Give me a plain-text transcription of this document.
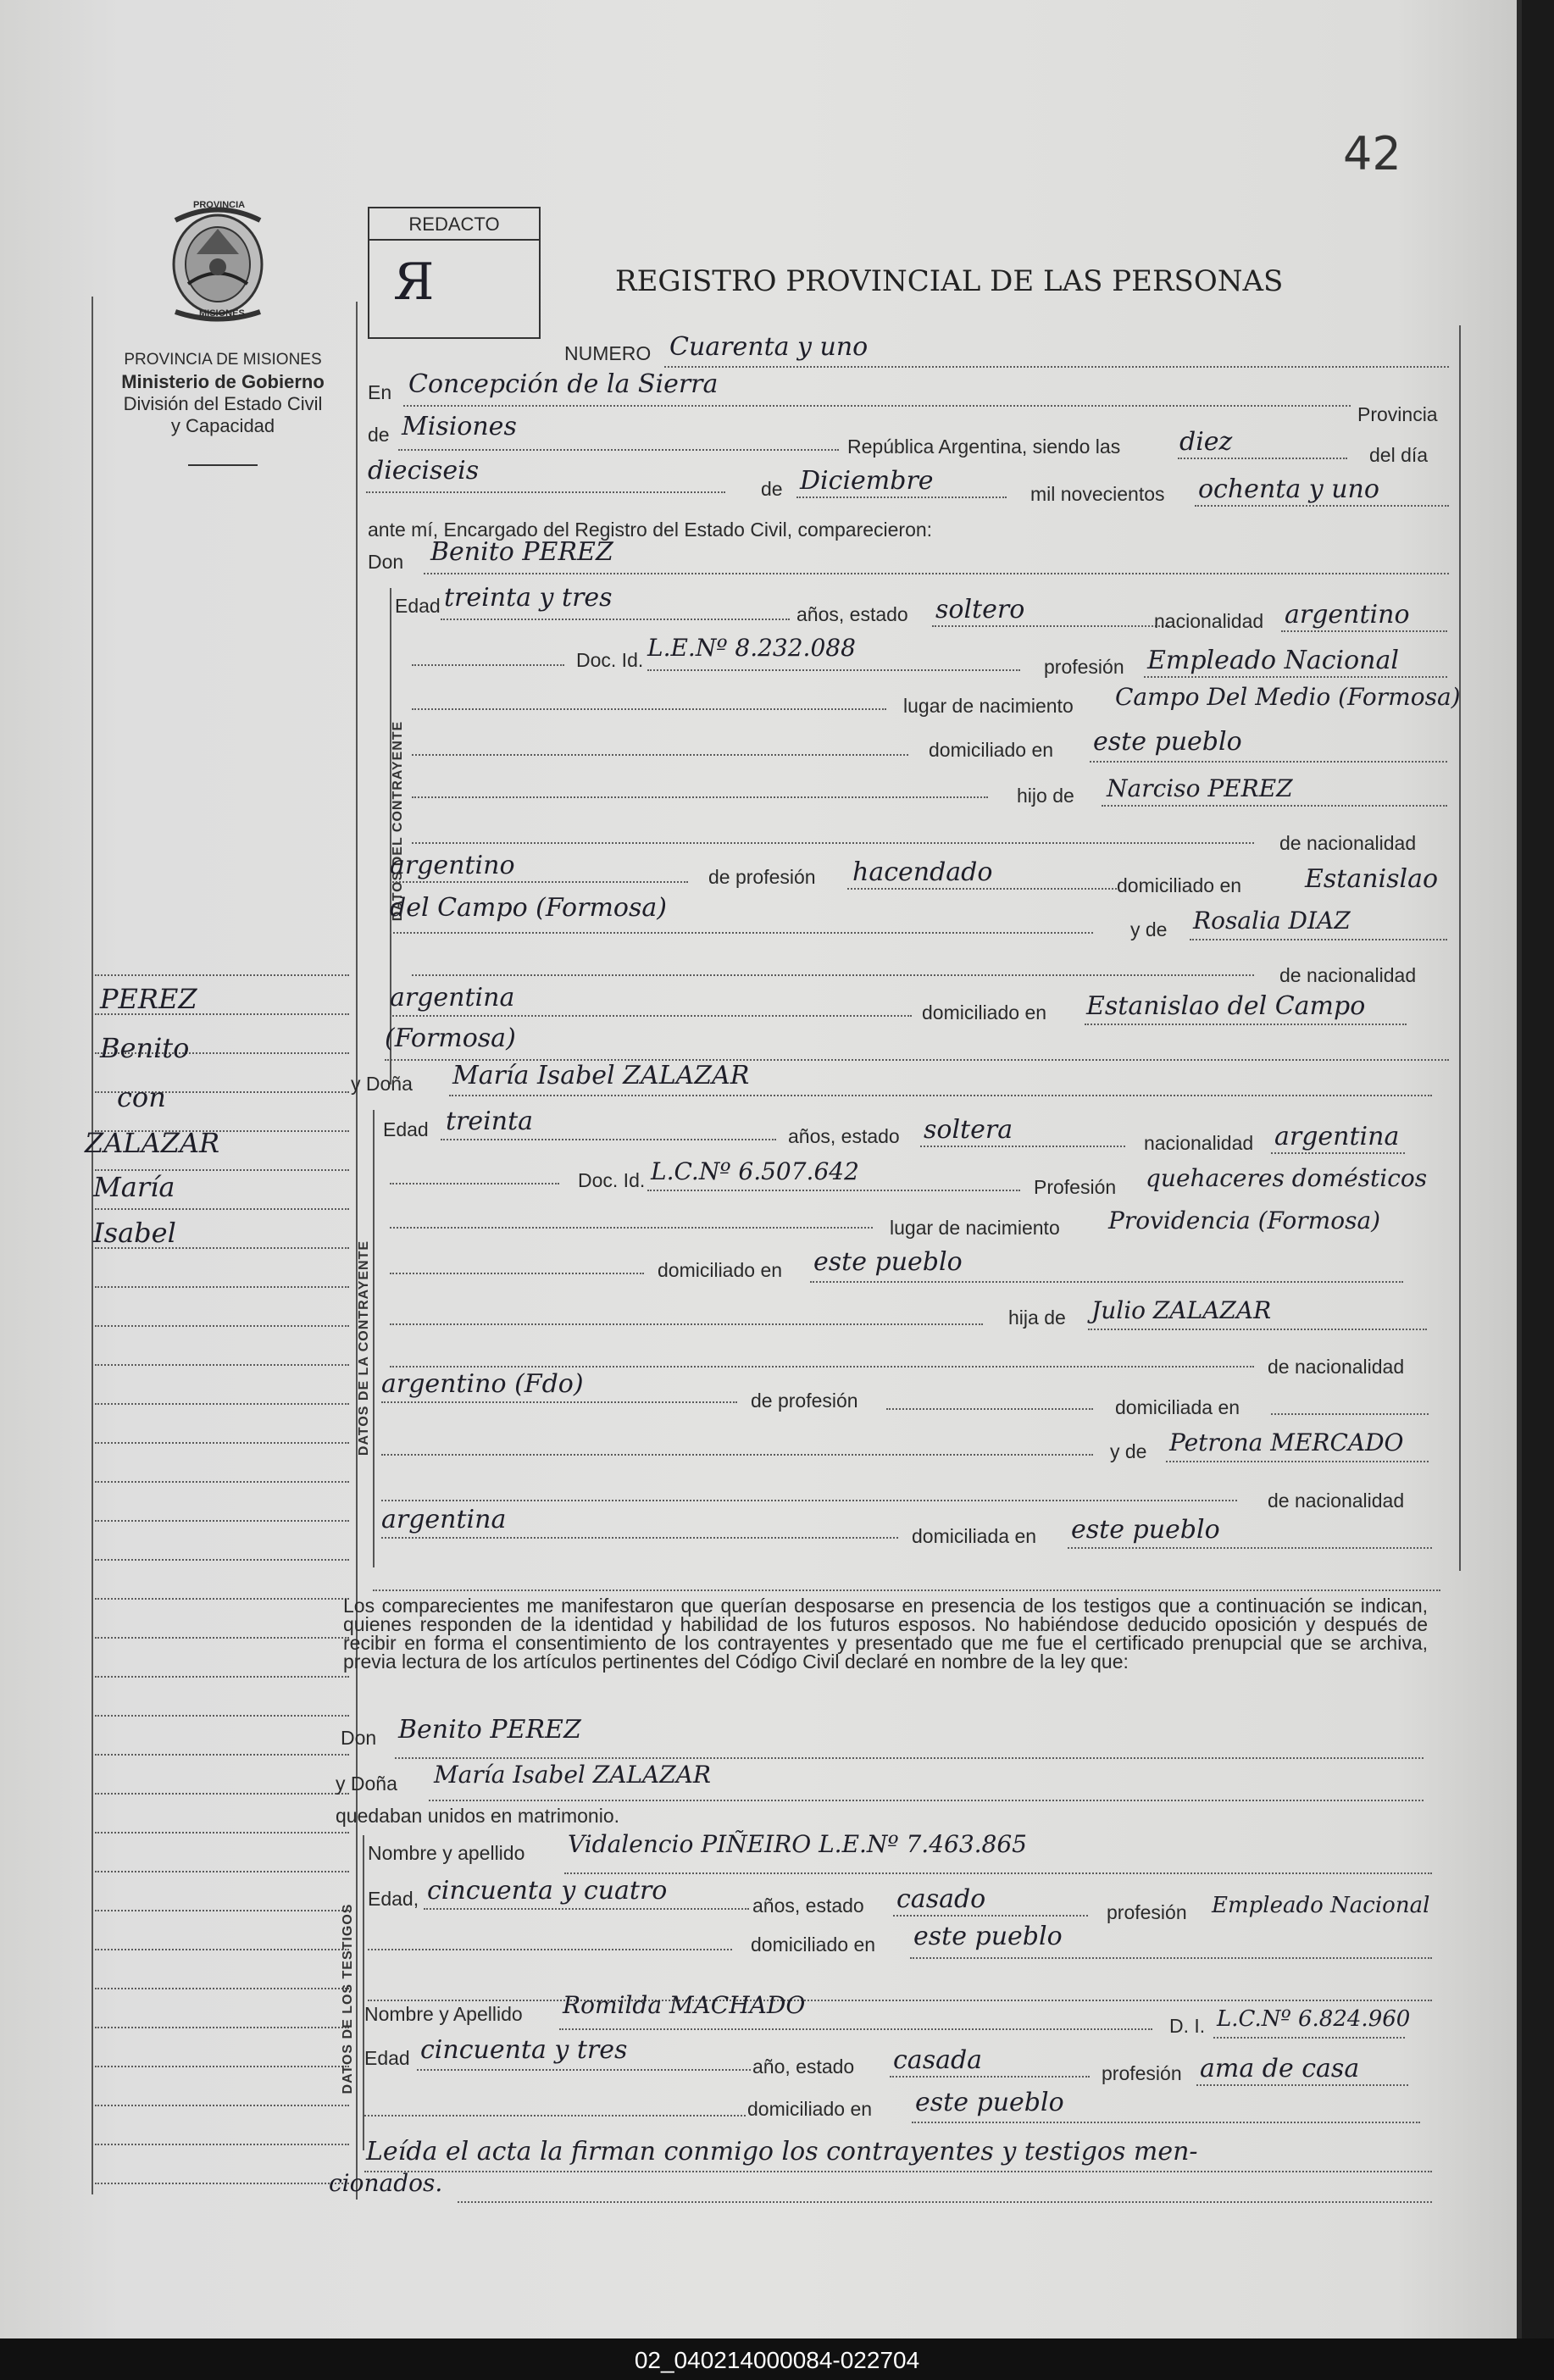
42
PROVINCIA
MISIONES
PROVINCIA DE MISIONES
Ministerio de Gobierno
División del Estado Civil
y Capacidad
REDACTO
Я	REGISTRO PROVINCIAL DE LAS PERSONAS
PEREZ
Benito
con
ZALAZAR
María
Isabel
NUMERO Cuarenta y uno
En Concepción de la Sierra
Provincia
de Misiones
República Argentina, siendo las diez	del día
dieciseis
de Diciembre	mil novecientos ochenta y uno
ante mí, Encargado del Registro del Estado Civil, comparecieron:
Don Benito PEREZ
DATOS DEL CONTRAYENTE
Edad treinta y tres
años, estado soltero	nacionalidad argentino
Doc. Id. L.E.Nº 8.232.088
profesión Empleado Nacional
lugar de nacimiento Campo Del Medio (Formosa)
domiciliado en este pueblo
hijo de Narciso PEREZ
de nacionalidad
argentino	de profesión hacendado	domiciliado en Estanislao
del Campo (Formosa)
y de Rosalia DIAZ
de nacionalidad
argentina	domiciliado en Estanislao del Campo
(Formosa)
y Doña María Isabel ZALAZAR
DATOS DE LA CONTRAYENTE
Edad treinta	años, estado soltera	nacionalidad argentina
Doc. Id. L.C.Nº 6.507.642
Profesión quehaceres domésticos
lugar de nacimiento Providencia (Formosa)
domiciliado en este pueblo
hija de Julio ZALAZAR
de nacionalidad
argentino (Fdo)
de profesión	domiciliada en
y de Petrona MERCADO
de nacionalidad
argentina
domiciliada en este pueblo
Los comparecientes me manifestaron que querían desposarse en presencia de los testigos que a continuación se indican, quienes responden de la identidad y habilidad de los futuros esposos. No habiéndose deducido oposición y después de recibir en forma el consentimiento de los contrayentes y presentado que me fue el certificado prenupcial que se archiva, previa lectura de los artículos pertinentes del Código Civil declaré en nombre de la ley que:
Don Benito PEREZ
y Doña María Isabel ZALAZAR
quedaban unidos en matrimonio.
DATOS DE LOS TESTIGOS
Nombre y apellido Vidalencio PIÑEIRO L.E.Nº 7.463.865
Edad, cincuenta y cuatro	años, estado casado	profesión Empleado Nacional
domiciliado en este pueblo
Nombre y Apellido Romilda MACHADO
D. I. L.C.Nº 6.824.960
Edad cincuenta y tres
año, estado casada	profesión ama de casa
domiciliado en este pueblo
Leída el acta la firman conmigo los contrayentes y testigos men-
cionados.
02_040214000084-022704
